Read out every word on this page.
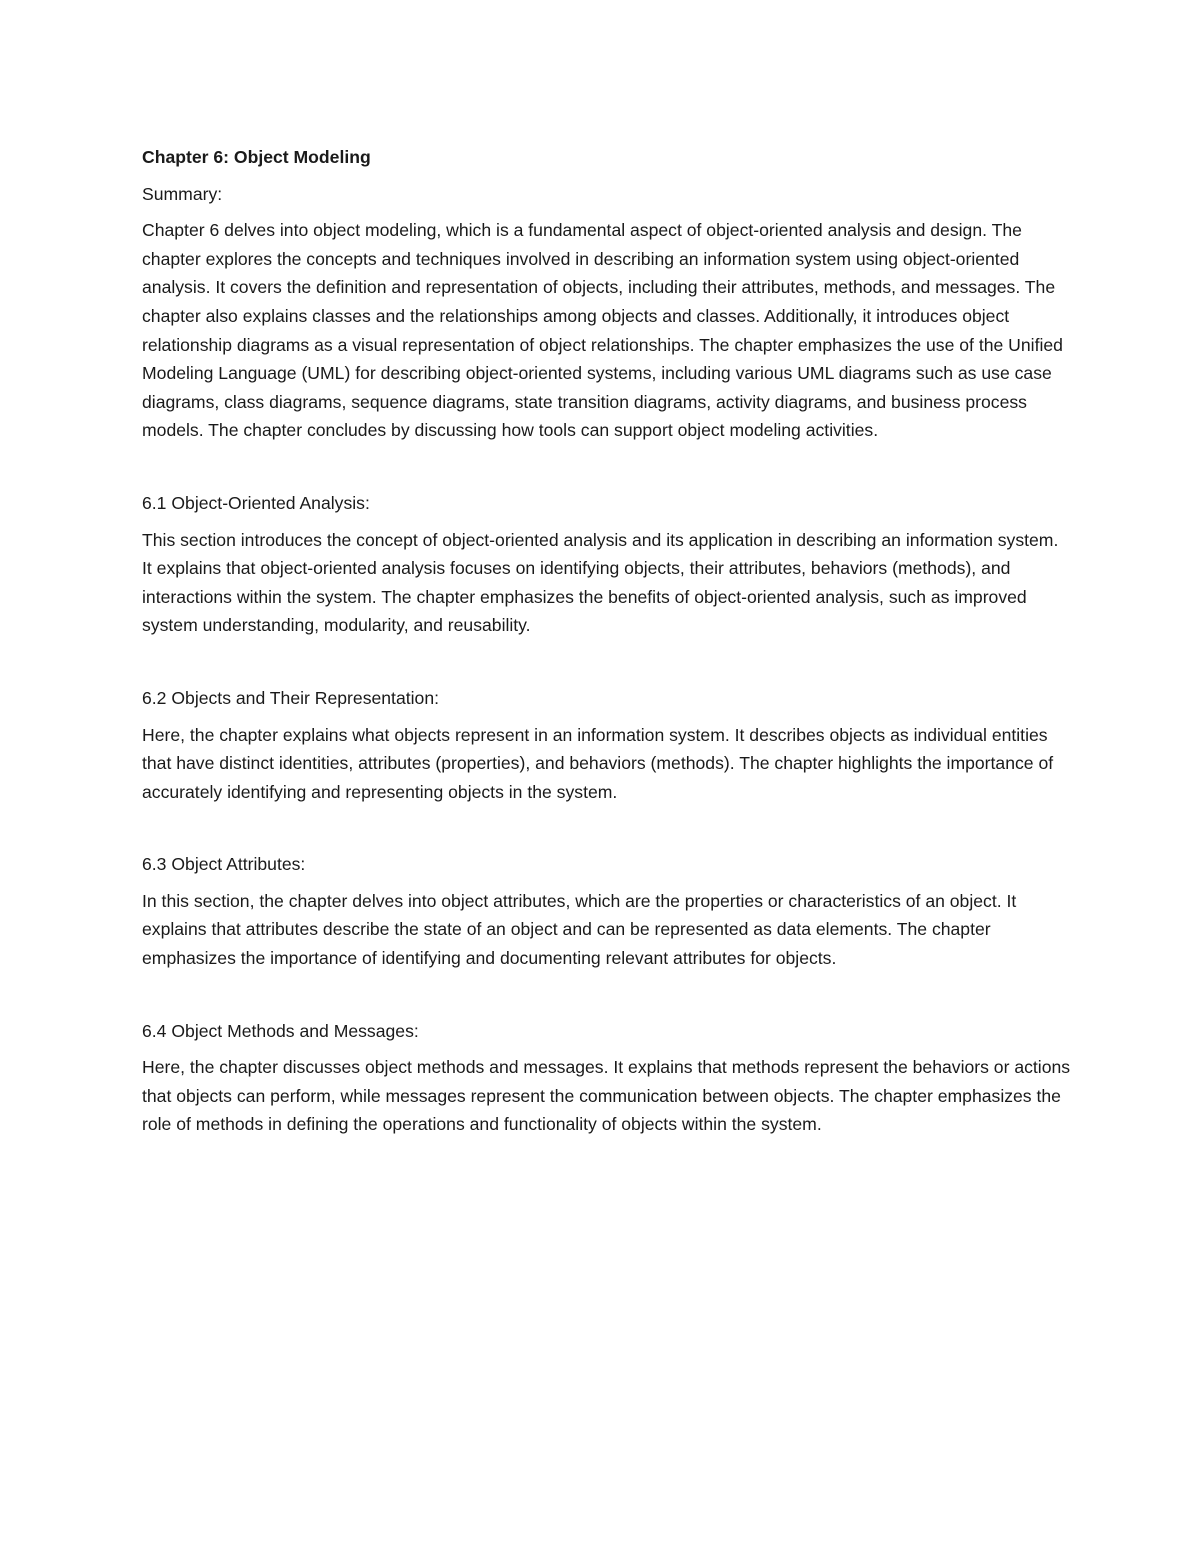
Chapter 6: Object Modeling

Summary:

Chapter 6 delves into object modeling, which is a fundamental aspect of object-oriented analysis and design. The chapter explores the concepts and techniques involved in describing an information system using object-oriented analysis. It covers the definition and representation of objects, including their attributes, methods, and messages. The chapter also explains classes and the relationships among objects and classes. Additionally, it introduces object relationship diagrams as a visual representation of object relationships. The chapter emphasizes the use of the Unified Modeling Language (UML) for describing object-oriented systems, including various UML diagrams such as use case diagrams, class diagrams, sequence diagrams, state transition diagrams, activity diagrams, and business process models. The chapter concludes by discussing how tools can support object modeling activities.

6.1 Object-Oriented Analysis:

This section introduces the concept of object-oriented analysis and its application in describing an information system. It explains that object-oriented analysis focuses on identifying objects, their attributes, behaviors (methods), and interactions within the system. The chapter emphasizes the benefits of object-oriented analysis, such as improved system understanding, modularity, and reusability.

6.2 Objects and Their Representation:

Here, the chapter explains what objects represent in an information system. It describes objects as individual entities that have distinct identities, attributes (properties), and behaviors (methods). The chapter highlights the importance of accurately identifying and representing objects in the system.

6.3 Object Attributes:

In this section, the chapter delves into object attributes, which are the properties or characteristics of an object. It explains that attributes describe the state of an object and can be represented as data elements. The chapter emphasizes the importance of identifying and documenting relevant attributes for objects.

6.4 Object Methods and Messages:

Here, the chapter discusses object methods and messages. It explains that methods represent the behaviors or actions that objects can perform, while messages represent the communication between objects. The chapter emphasizes the role of methods in defining the operations and functionality of objects within the system.
